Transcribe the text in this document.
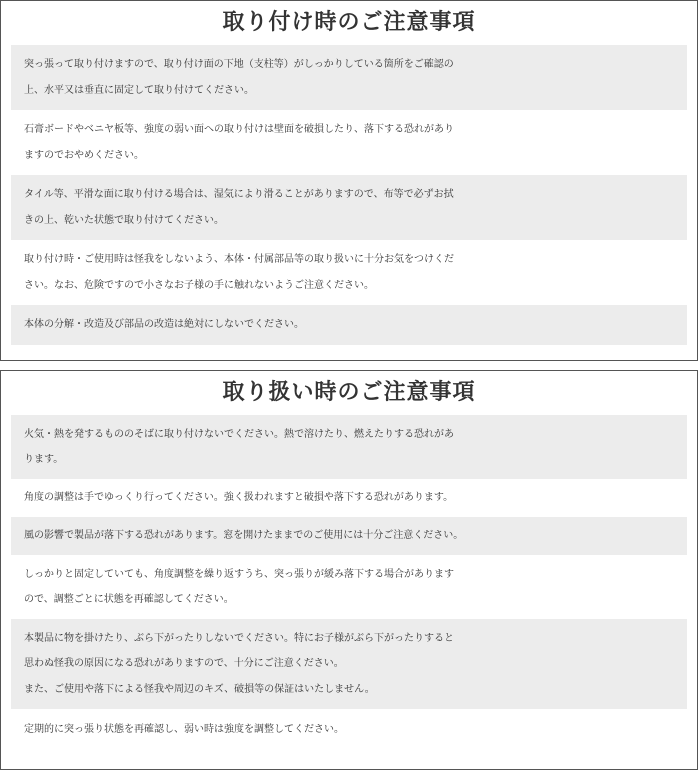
取り付け時のご注意事項
突っ張って取り付けますので、取り付け面の下地（支柱等）がしっかりしている箇所をご確認の
上、水平又は垂直に固定して取り付けてください。
石膏ボードやベニヤ板等、強度の弱い面への取り付けは壁面を破損したり、落下する恐れがあり
ますのでおやめください。
タイル等、平滑な面に取り付ける場合は、湿気により滑ることがありますので、布等で必ずお拭
きの上、乾いた状態で取り付けてください。
取り付け時・ご使用時は怪我をしないよう、本体・付属部品等の取り扱いに十分お気をつけくだ
さい。なお、危険ですので小さなお子様の手に触れないようご注意ください。
本体の分解・改造及び部品の改造は絶対にしないでください。
取り扱い時のご注意事項
火気・熱を発するもののそばに取り付けないでください。熱で溶けたり、燃えたりする恐れがあ
ります。
角度の調整は手でゆっくり行ってください。強く扱われますと破損や落下する恐れがあります。
風の影響で製品が落下する恐れがあります。窓を開けたままでのご使用には十分ご注意ください。
しっかりと固定していても、角度調整を繰り返すうち、突っ張りが緩み落下する場合があります
ので、調整ごとに状態を再確認してください。
本製品に物を掛けたり、ぶら下がったりしないでください。特にお子様がぶら下がったりすると
思わぬ怪我の原因になる恐れがありますので、十分にご注意ください。
また、ご使用や落下による怪我や周辺のキズ、破損等の保証はいたしません。
定期的に突っ張り状態を再確認し、弱い時は強度を調整してください。
